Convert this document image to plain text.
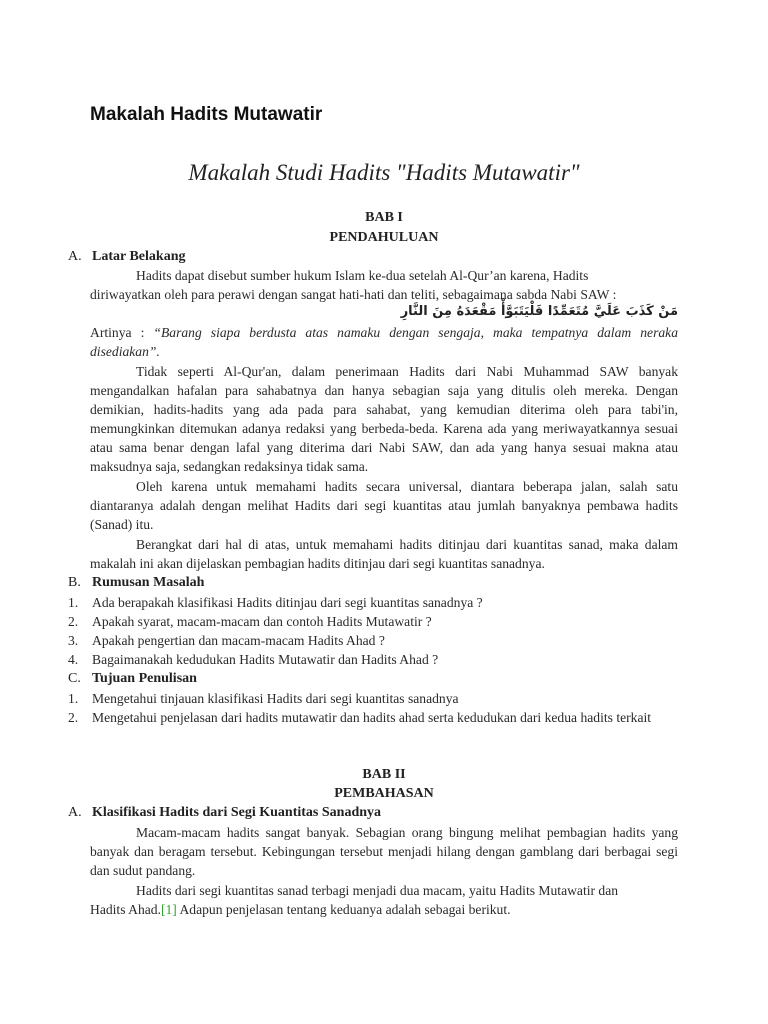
Makalah Hadits Mutawatir
Makalah Studi Hadits "Hadits Mutawatir"
BAB I
PENDAHULUAN
A. Latar Belakang
Hadits dapat disebut sumber hukum Islam ke-dua setelah Al-Qur’an karena, Hadits
diriwayatkan oleh para perawi dengan sangat hati-hati dan teliti, sebagaimana sabda Nabi SAW :
مَنْ كَذَبَ عَلَيَّ مُتَعَمِّدًا فَلْيَتَبَوَّأْ مَقْعَدَهُ مِنَ النَّارِ
Artinya : “Barang siapa berdusta atas namaku dengan sengaja, maka tempatnya dalam neraka disediakan”.
Tidak seperti Al-Qur'an, dalam penerimaan Hadits dari Nabi Muhammad SAW banyak mengandalkan hafalan para sahabatnya dan hanya sebagian saja yang ditulis oleh mereka. Dengan demikian, hadits-hadits yang ada pada para sahabat, yang kemudian diterima oleh para tabi'in, memungkinkan ditemukan adanya redaksi yang berbeda-beda. Karena ada yang meriwayatkannya sesuai atau sama benar dengan lafal yang diterima dari Nabi SAW, dan ada yang hanya sesuai makna atau maksudnya saja, sedangkan redaksinya tidak sama.
Oleh karena untuk memahami hadits secara universal, diantara beberapa jalan, salah satu diantaranya adalah dengan melihat Hadits dari segi kuantitas atau jumlah banyaknya pembawa hadits (Sanad) itu.
Berangkat dari hal di atas, untuk memahami hadits ditinjau dari kuantitas sanad, maka dalam makalah ini akan dijelaskan pembagian hadits ditinjau dari segi kuantitas sanadnya.
B. Rumusan Masalah
1. Ada berapakah klasifikasi Hadits ditinjau dari segi kuantitas sanadnya ?
2. Apakah syarat, macam-macam dan contoh Hadits Mutawatir ?
3. Apakah pengertian dan macam-macam Hadits Ahad ?
4. Bagaimanakah kedudukan Hadits Mutawatir dan Hadits Ahad ?
C. Tujuan Penulisan
1. Mengetahui tinjauan klasifikasi Hadits dari segi kuantitas sanadnya
2. Mengetahui penjelasan dari hadits mutawatir dan hadits ahad serta kedudukan dari kedua hadits terkait
BAB II
PEMBAHASAN
A. Klasifikasi Hadits dari Segi Kuantitas Sanadnya
Macam-macam hadits sangat banyak. Sebagian orang bingung melihat pembagian hadits yang banyak dan beragam tersebut. Kebingungan tersebut menjadi hilang dengan gamblang dari berbagai segi dan sudut pandang.
Hadits dari segi kuantitas sanad terbagi menjadi dua macam, yaitu Hadits Mutawatir dan
Hadits Ahad.[1] Adapun penjelasan tentang keduanya adalah sebagai berikut.
